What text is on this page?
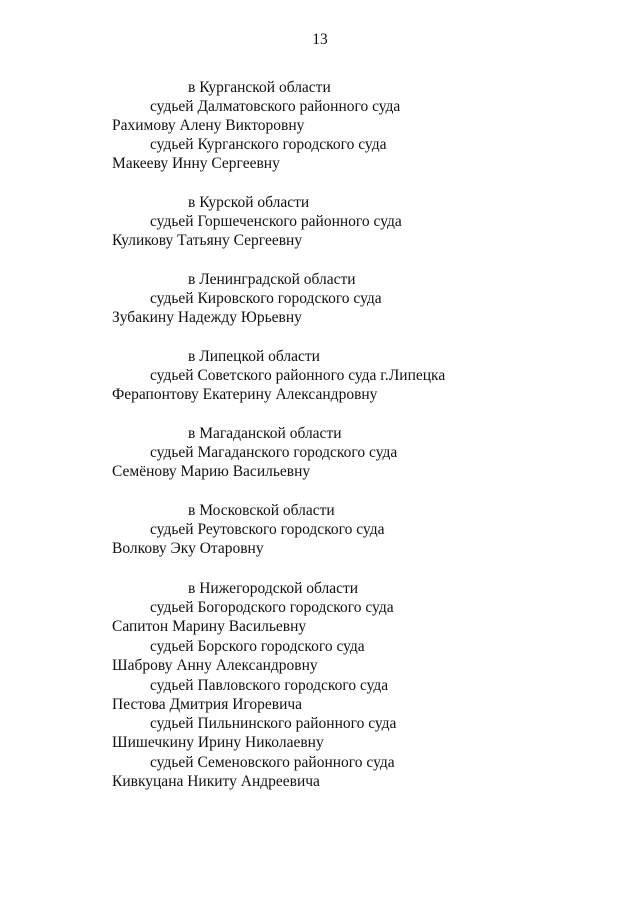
13
в Курганской области
судьей Далматовского районного суда
Рахимову Алену Викторовну
судьей Курганского городского суда
Макееву Инну Сергеевну
в Курской области
судьей Горшеченского районного суда
Куликову Татьяну Сергеевну
в Ленинградской области
судьей Кировского городского суда
Зубакину Надежду Юрьевну
в Липецкой области
судьей Советского районного суда г.Липецка
Ферапонтову Екатерину Александровну
в Магаданской области
судьей Магаданского городского суда
Семёнову Марию Васильевну
в Московской области
судьей Реутовского городского суда
Волкову Эку Отаровну
в Нижегородской области
судьей Богородского городского суда
Сапитон Марину Васильевну
судьей Борского городского суда
Шаброву Анну Александровну
судьей Павловского городского суда
Пестова Дмитрия Игоревича
судьей Пильнинского районного суда
Шишечкину Ирину Николаевну
судьей Семеновского районного суда
Кивкуцана Никиту Андреевича
